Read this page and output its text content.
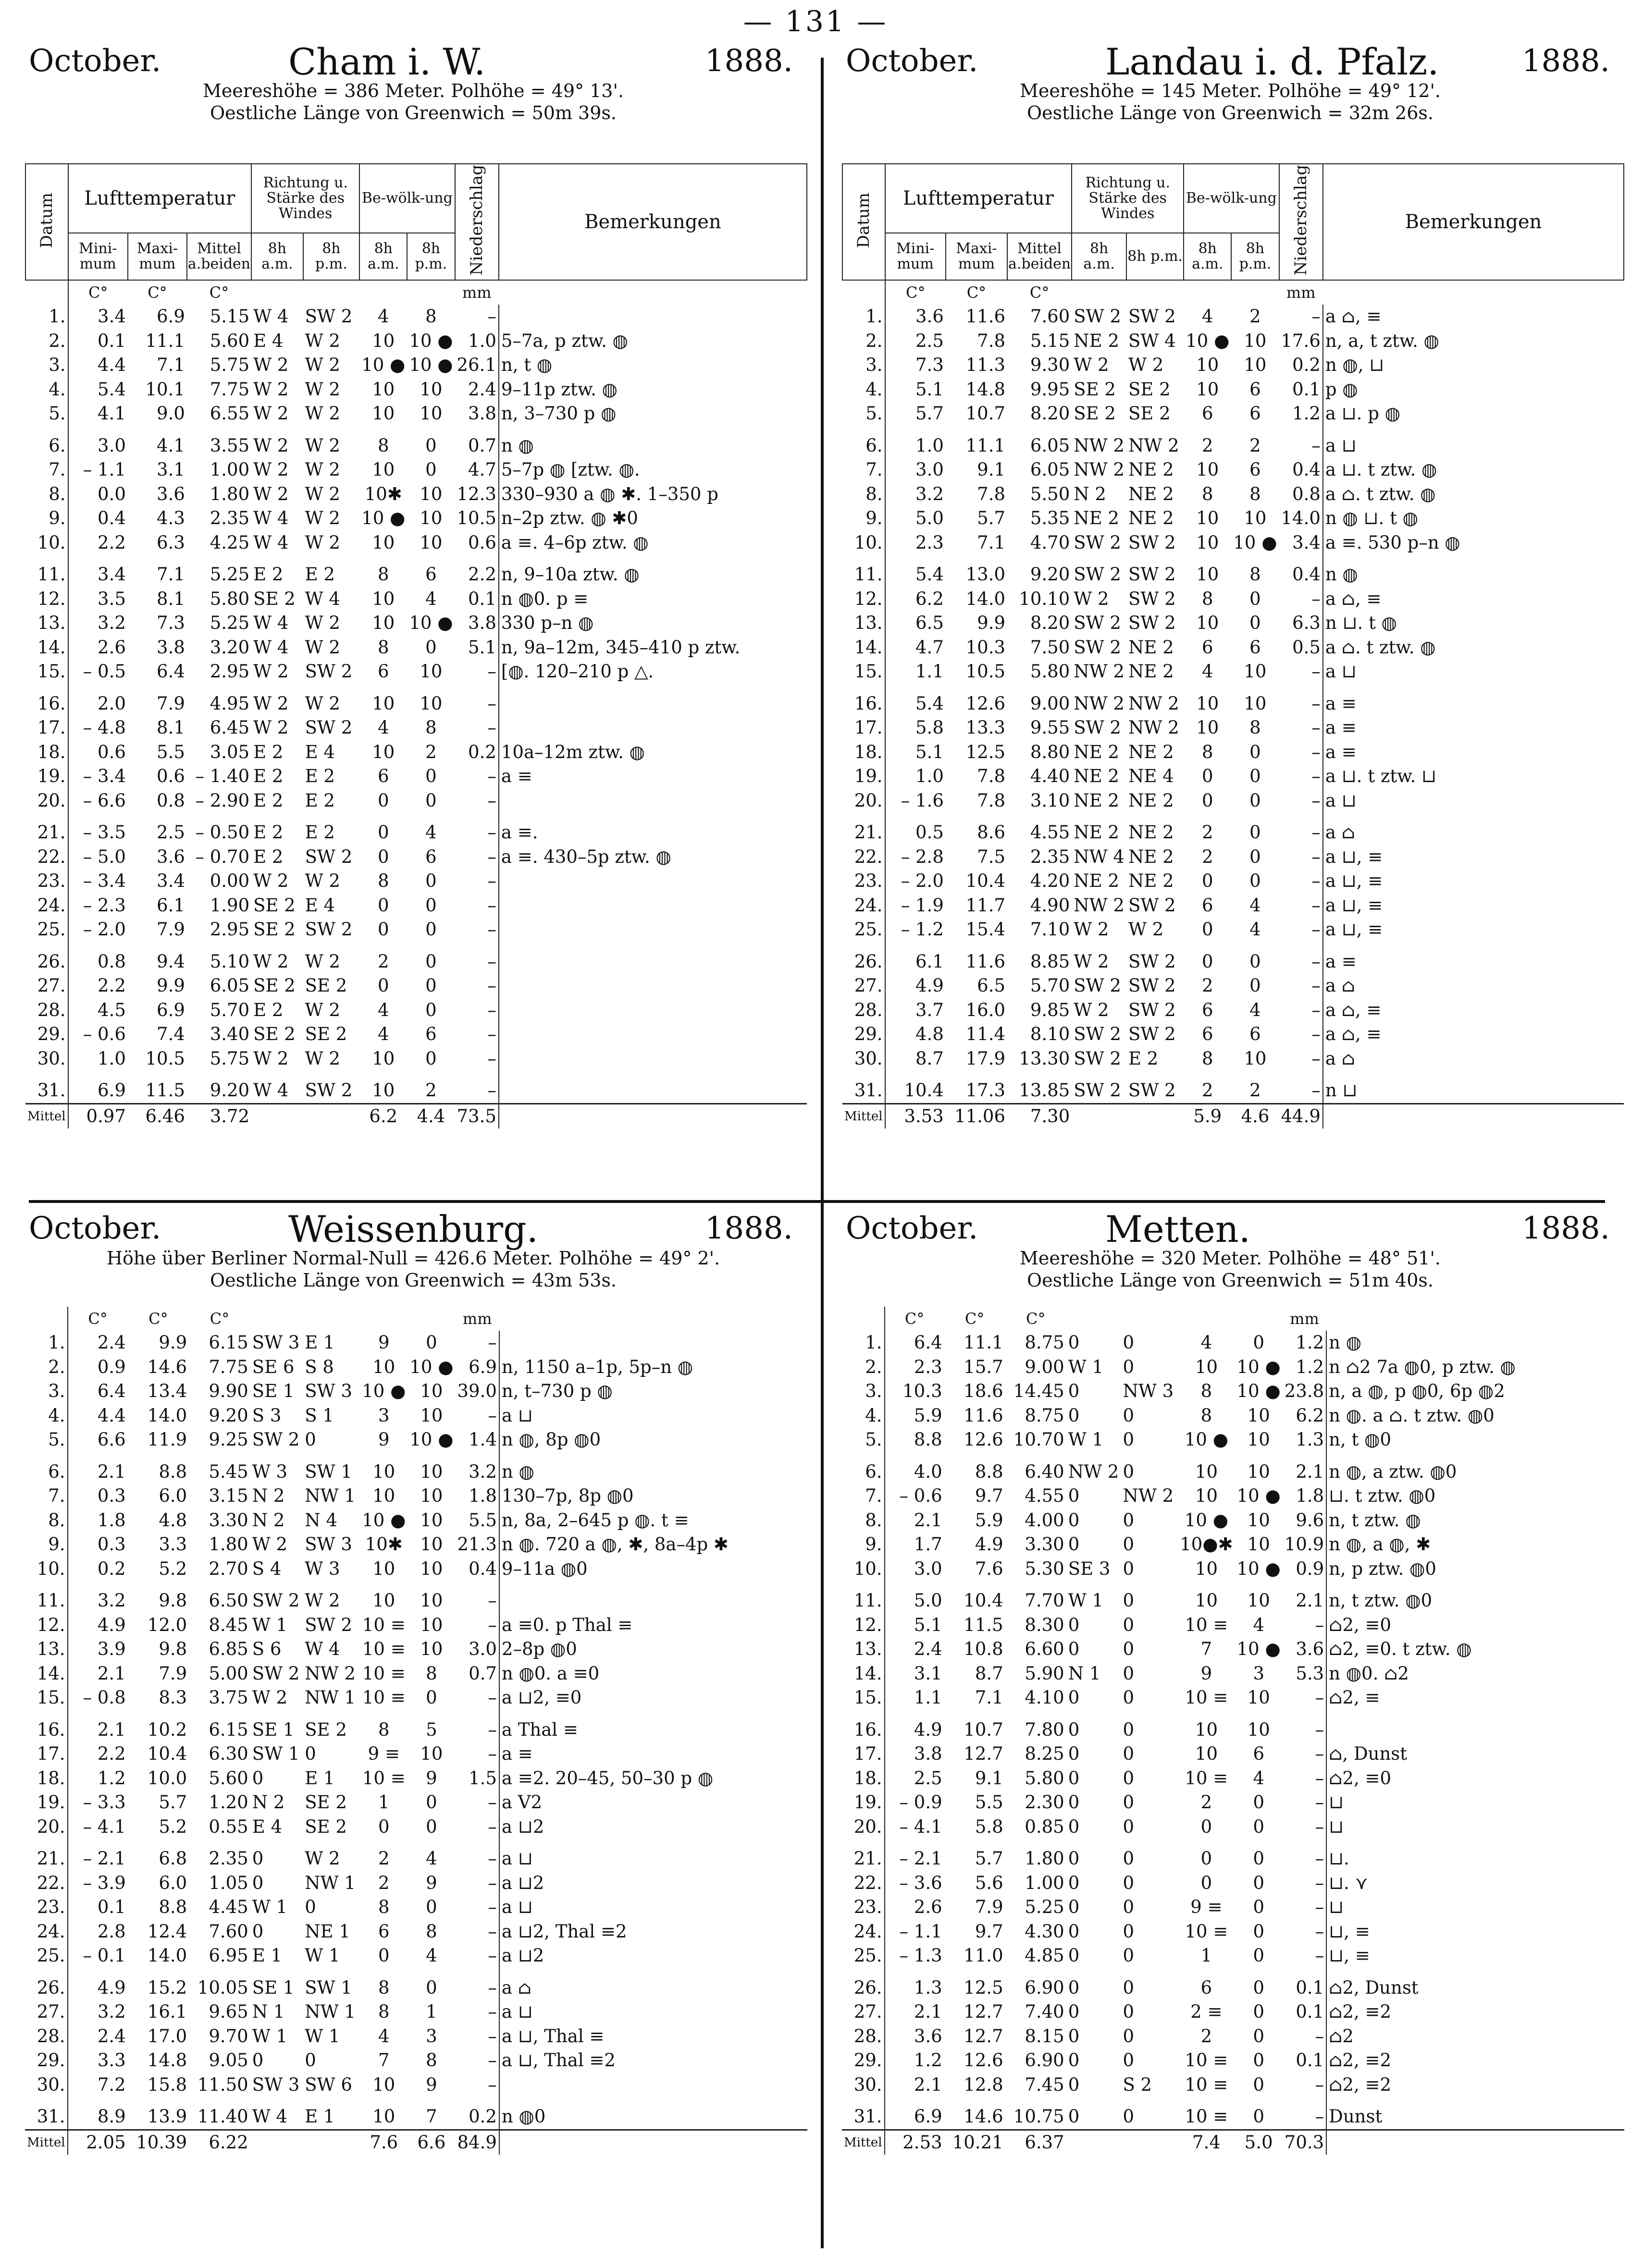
— 131 —
October.	Cham i. W.	1888.
Meereshöhe = 386 Meter. Polhöhe = 49° 13'.
Oestliche Länge von Greenwich = 50m 39s.
Datum	Lufttemperatur			Richtung u. Stärke des Windes		Be-wölk-ung		Niederschlag	Bemerkungen
	Mini-mum	Maxi-mum	Mittel a.beiden	8h a.m.	8h p.m.	8h a.m.	8h p.m.		
	C°	C°	C°					mm	
1.	3.4	6.9	5.15	W 4	SW 2	4	8	–	
2.	0.1	11.1	5.60	E 4	W 2	10	10 ●	1.0	5–7a, p ztw. ◍
3.	4.4	7.1	5.75	W 2	W 2	10 ●	10 ●	26.1	n, t ◍
4.	5.4	10.1	7.75	W 2	W 2	10	10	2.4	9–11p ztw. ◍
5.	4.1	9.0	6.55	W 2	W 2	10	10	3.8	n, 3–730 p ◍
6.	3.0	4.1	3.55	W 2	W 2	8	0	0.7	n ◍
7.	– 1.1	3.1	1.00	W 2	W 2	10	0	4.7	5–7p ◍ [ztw. ◍.
8.	0.0	3.6	1.80	W 2	W 2	10✱	10	12.3	330–930 a ◍ ✱. 1–350 p
9.	0.4	4.3	2.35	W 4	W 2	10 ●	10	10.5	n–2p ztw. ◍ ✱0
10.	2.2	6.3	4.25	W 4	W 2	10	10	0.6	a ≡. 4–6p ztw. ◍
11.	3.4	7.1	5.25	E 2	E 2	8	6	2.2	n, 9–10a ztw. ◍
12.	3.5	8.1	5.80	SE 2	W 4	10	4	0.1	n ◍0. p ≡
13.	3.2	7.3	5.25	W 4	W 2	10	10 ●	3.8	330 p–n ◍
14.	2.6	3.8	3.20	W 4	W 2	8	0	5.1	n, 9a–12m, 345–410 p ztw.
15.	– 0.5	6.4	2.95	W 2	SW 2	6	10	–	[◍. 120–210 p △.
16.	2.0	7.9	4.95	W 2	W 2	10	10	–	
17.	– 4.8	8.1	6.45	W 2	SW 2	4	8	–	
18.	0.6	5.5	3.05	E 2	E 4	10	2	0.2	10a–12m ztw. ◍
19.	– 3.4	0.6	– 1.40	E 2	E 2	6	0	–	a ≡
20.	– 6.6	0.8	– 2.90	E 2	E 2	0	0	–	
21.	– 3.5	2.5	– 0.50	E 2	E 2	0	4	–	a ≡.
22.	– 5.0	3.6	– 0.70	E 2	SW 2	0	6	–	a ≡. 430–5p ztw. ◍
23.	– 3.4	3.4	0.00	W 2	W 2	8	0	–	
24.	– 2.3	6.1	1.90	SE 2	E 4	0	0	–	
25.	– 2.0	7.9	2.95	SE 2	SW 2	0	0	–	
26.	0.8	9.4	5.10	W 2	W 2	2	0	–	
27.	2.2	9.9	6.05	SE 2	SE 2	0	0	–	
28.	4.5	6.9	5.70	E 2	W 2	4	0	–	
29.	– 0.6	7.4	3.40	SE 2	SE 2	4	6	–	
30.	1.0	10.5	5.75	W 2	W 2	10	0	–	
31.	6.9	11.5	9.20	W 4	SW 2	10	2	–	
Mittel	0.97	6.46	3.72			6.2	4.4	73.5	
October.	Landau i. d. Pfalz.	1888.
Meereshöhe = 145 Meter. Polhöhe = 49° 12'.
Oestliche Länge von Greenwich = 32m 26s.
Datum	Lufttemperatur			Richtung u. Stärke des Windes		Be-wölk-ung		Niederschlag	Bemerkungen
	Mini-mum	Maxi-mum	Mittel a.beiden	8h a.m.	8h p.m.	8h a.m.	8h p.m.		
	C°	C°	C°					mm	
1.	3.6	11.6	7.60	SW 2	SW 2	4	2	–	a ⌂, ≡
2.	2.5	7.8	5.15	NE 2	SW 4	10 ●	10	17.6	n, a, t ztw. ◍
3.	7.3	11.3	9.30	W 2	W 2	10	10	0.2	n ◍, ⊔
4.	5.1	14.8	9.95	SE 2	SE 2	10	6	0.1	p ◍
5.	5.7	10.7	8.20	SE 2	SE 2	6	6	1.2	a ⊔. p ◍
6.	1.0	11.1	6.05	NW 2	NW 2	2	2	–	a ⊔
7.	3.0	9.1	6.05	NW 2	NE 2	10	6	0.4	a ⊔. t ztw. ◍
8.	3.2	7.8	5.50	N 2	NE 2	8	8	0.8	a ⌂. t ztw. ◍
9.	5.0	5.7	5.35	NE 2	NE 2	10	10	14.0	n ◍ ⊔. t ◍
10.	2.3	7.1	4.70	SW 2	SW 2	10	10 ●	3.4	a ≡. 530 p–n ◍
11.	5.4	13.0	9.20	SW 2	SW 2	10	8	0.4	n ◍
12.	6.2	14.0	10.10	W 2	SW 2	8	0	–	a ⌂, ≡
13.	6.5	9.9	8.20	SW 2	SW 2	10	0	6.3	n ⊔. t ◍
14.	4.7	10.3	7.50	SW 2	NE 2	6	6	0.5	a ⌂. t ztw. ◍
15.	1.1	10.5	5.80	NW 2	NE 2	4	10	–	a ⊔
16.	5.4	12.6	9.00	NW 2	NW 2	10	10	–	a ≡
17.	5.8	13.3	9.55	SW 2	NW 2	10	8	–	a ≡
18.	5.1	12.5	8.80	NE 2	NE 2	8	0	–	a ≡
19.	1.0	7.8	4.40	NE 2	NE 4	0	0	–	a ⊔. t ztw. ⊔
20.	– 1.6	7.8	3.10	NE 2	NE 2	0	0	–	a ⊔
21.	0.5	8.6	4.55	NE 2	NE 2	2	0	–	a ⌂
22.	– 2.8	7.5	2.35	NW 4	NE 2	2	0	–	a ⊔, ≡
23.	– 2.0	10.4	4.20	NE 2	NE 2	0	0	–	a ⊔, ≡
24.	– 1.9	11.7	4.90	NW 2	SW 2	6	4	–	a ⊔, ≡
25.	– 1.2	15.4	7.10	W 2	W 2	0	4	–	a ⊔, ≡
26.	6.1	11.6	8.85	W 2	SW 2	0	0	–	a ≡
27.	4.9	6.5	5.70	SW 2	SW 2	2	0	–	a ⌂
28.	3.7	16.0	9.85	W 2	SW 2	6	4	–	a ⌂, ≡
29.	4.8	11.4	8.10	SW 2	SW 2	6	6	–	a ⌂, ≡
30.	8.7	17.9	13.30	SW 2	E 2	8	10	–	a ⌂
31.	10.4	17.3	13.85	SW 2	SW 2	2	2	–	n ⊔
Mittel	3.53	11.06	7.30			5.9	4.6	44.9	
October.	Weissenburg.	1888.
Höhe über Berliner Normal-Null = 426.6 Meter. Polhöhe = 49° 2'.
Oestliche Länge von Greenwich = 43m 53s.
	C°	C°	C°					mm	
1.	2.4	9.9	6.15	SW 3	E 1	9	0	–	
2.	0.9	14.6	7.75	SE 6	S 8	10	10 ●	6.9	n, 1150 a–1p, 5p–n ◍
3.	6.4	13.4	9.90	SE 1	SW 3	10 ●	10	39.0	n, t–730 p ◍
4.	4.4	14.0	9.20	S 3	S 1	3	10	–	a ⊔
5.	6.6	11.9	9.25	SW 2	0	9	10 ●	1.4	n ◍, 8p ◍0
6.	2.1	8.8	5.45	W 3	SW 1	10	10	3.2	n ◍
7.	0.3	6.0	3.15	N 2	NW 1	10	10	1.8	130–7p, 8p ◍0
8.	1.8	4.8	3.30	N 2	N 4	10 ●	10	5.5	n, 8a, 2–645 p ◍. t ≡
9.	0.3	3.3	1.80	W 2	SW 3	10✱	10	21.3	n ◍. 720 a ◍, ✱, 8a–4p ✱
10.	0.2	5.2	2.70	S 4	W 3	10	10	0.4	9–11a ◍0
11.	3.2	9.8	6.50	SW 2	W 2	10	10	–	
12.	4.9	12.0	8.45	W 1	SW 2	10 ≡	10	–	a ≡0. p Thal ≡
13.	3.9	9.8	6.85	S 6	W 4	10 ≡	10	3.0	2–8p ◍0
14.	2.1	7.9	5.00	SW 2	NW 2	10 ≡	8	0.7	n ◍0. a ≡0
15.	– 0.8	8.3	3.75	W 2	NW 1	10 ≡	0	–	a ⊔2, ≡0
16.	2.1	10.2	6.15	SE 1	SE 2	8	5	–	a Thal ≡
17.	2.2	10.4	6.30	SW 1	0	9 ≡	10	–	a ≡
18.	1.2	10.0	5.60	0	E 1	10 ≡	9	1.5	a ≡2. 20–45, 50–30 p ◍
19.	– 3.3	5.7	1.20	N 2	SE 2	1	0	–	a V2
20.	– 4.1	5.2	0.55	E 4	SE 2	0	0	–	a ⊔2
21.	– 2.1	6.8	2.35	0	W 2	2	4	–	a ⊔
22.	– 3.9	6.0	1.05	0	NW 1	2	9	–	a ⊔2
23.	0.1	8.8	4.45	W 1	0	8	0	–	a ⊔
24.	2.8	12.4	7.60	0	NE 1	6	8	–	a ⊔2, Thal ≡2
25.	– 0.1	14.0	6.95	E 1	W 1	0	4	–	a ⊔2
26.	4.9	15.2	10.05	SE 1	SW 1	8	0	–	a ⌂
27.	3.2	16.1	9.65	N 1	NW 1	8	1	–	a ⊔
28.	2.4	17.0	9.70	W 1	W 1	4	3	–	a ⊔, Thal ≡
29.	3.3	14.8	9.05	0	0	7	8	–	a ⊔, Thal ≡2
30.	7.2	15.8	11.50	SW 3	SW 6	10	9	–	
31.	8.9	13.9	11.40	W 4	E 1	10	7	0.2	n ◍0
Mittel	2.05	10.39	6.22			7.6	6.6	84.9	
October.	Metten.	1888.
Meereshöhe = 320 Meter. Polhöhe = 48° 51'.
Oestliche Länge von Greenwich = 51m 40s.
	C°	C°	C°					mm	
1.	6.4	11.1	8.75	0	0	4	0	1.2	n ◍
2.	2.3	15.7	9.00	W 1	0	10	10 ●	1.2	n ⌂2 7a ◍0, p ztw. ◍
3.	10.3	18.6	14.45	0	NW 3	8	10 ●	23.8	n, a ◍, p ◍0, 6p ◍2
4.	5.9	11.6	8.75	0	0	8	10	6.2	n ◍. a ⌂. t ztw. ◍0
5.	8.8	12.6	10.70	W 1	0	10 ●	10	1.3	n, t ◍0
6.	4.0	8.8	6.40	NW 2	0	10	10	2.1	n ◍, a ztw. ◍0
7.	– 0.6	9.7	4.55	0	NW 2	10	10 ●	1.8	⊔. t ztw. ◍0
8.	2.1	5.9	4.00	0	0	10 ●	10	9.6	n, t ztw. ◍
9.	1.7	4.9	3.30	0	0	10●✱	10	10.9	n ◍, a ◍, ✱
10.	3.0	7.6	5.30	SE 3	0	10	10 ●	0.9	n, p ztw. ◍0
11.	5.0	10.4	7.70	W 1	0	10	10	2.1	n, t ztw. ◍0
12.	5.1	11.5	8.30	0	0	10 ≡	4	–	⌂2, ≡0
13.	2.4	10.8	6.60	0	0	7	10 ●	3.6	⌂2, ≡0. t ztw. ◍
14.	3.1	8.7	5.90	N 1	0	9	3	5.3	n ◍0. ⌂2
15.	1.1	7.1	4.10	0	0	10 ≡	10	–	⌂2, ≡
16.	4.9	10.7	7.80	0	0	10	10	–	
17.	3.8	12.7	8.25	0	0	10	6	–	⌂, Dunst
18.	2.5	9.1	5.80	0	0	10 ≡	4	–	⌂2, ≡0
19.	– 0.9	5.5	2.30	0	0	2	0	–	⊔
20.	– 4.1	5.8	0.85	0	0	0	0	–	⊔
21.	– 2.1	5.7	1.80	0	0	0	0	–	⊔.
22.	– 3.6	5.6	1.00	0	0	0	0	–	⊔. ⋎
23.	2.6	7.9	5.25	0	0	9 ≡	0	–	⊔
24.	– 1.1	9.7	4.30	0	0	10 ≡	0	–	⊔, ≡
25.	– 1.3	11.0	4.85	0	0	1	0	–	⊔, ≡
26.	1.3	12.5	6.90	0	0	6	0	0.1	⌂2, Dunst
27.	2.1	12.7	7.40	0	0	2 ≡	0	0.1	⌂2, ≡2
28.	3.6	12.7	8.15	0	0	2	0	–	⌂2
29.	1.2	12.6	6.90	0	0	10 ≡	0	0.1	⌂2, ≡2
30.	2.1	12.8	7.45	0	S 2	10 ≡	0	–	⌂2, ≡2
31.	6.9	14.6	10.75	0	0	10 ≡	0	–	Dunst
Mittel	2.53	10.21	6.37			7.4	5.0	70.3	
